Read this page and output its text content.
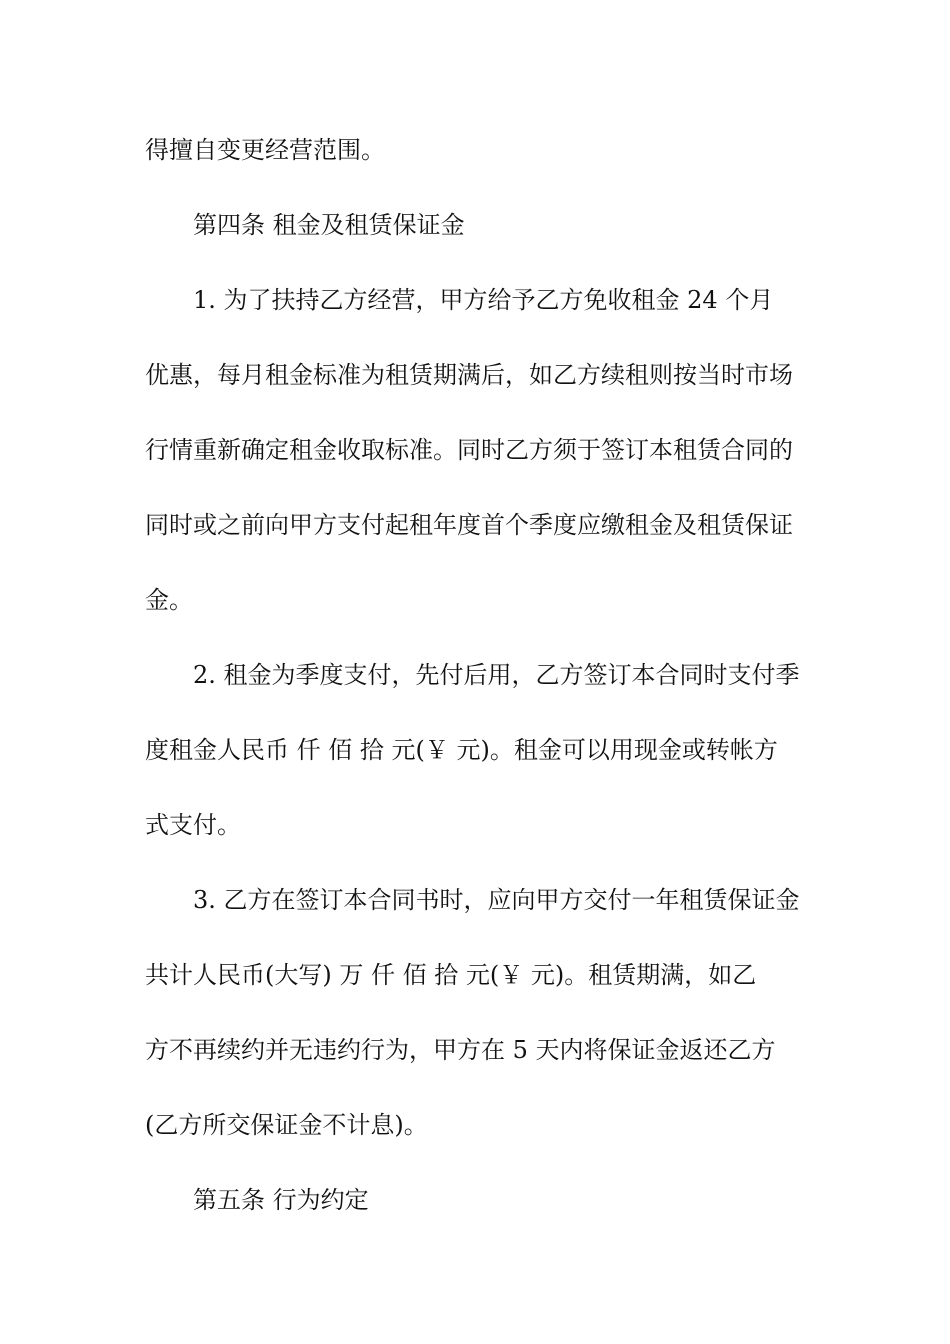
得擅自变更经营范围。
第四条 租金及租赁保证金
1. 为了扶持乙方经营，甲方给予乙方免收租金 24 个月
优惠，每月租金标准为租赁期满后，如乙方续租则按当时市场
行情重新确定租金收取标准。同时乙方须于签订本租赁合同的
同时或之前向甲方支付起租年度首个季度应缴租金及租赁保证
金。
2. 租金为季度支付，先付后用，乙方签订本合同时支付季
度租金人民币 仟 佰 拾 元(￥ 元)。租金可以用现金或转帐方
式支付。
3. 乙方在签订本合同书时，应向甲方交付一年租赁保证金
共计人民币(大写) 万 仟 佰 拾 元(￥ 元)。租赁期满，如乙
方不再续约并无违约行为，甲方在 5 天内将保证金返还乙方
(乙方所交保证金不计息)。
第五条 行为约定
